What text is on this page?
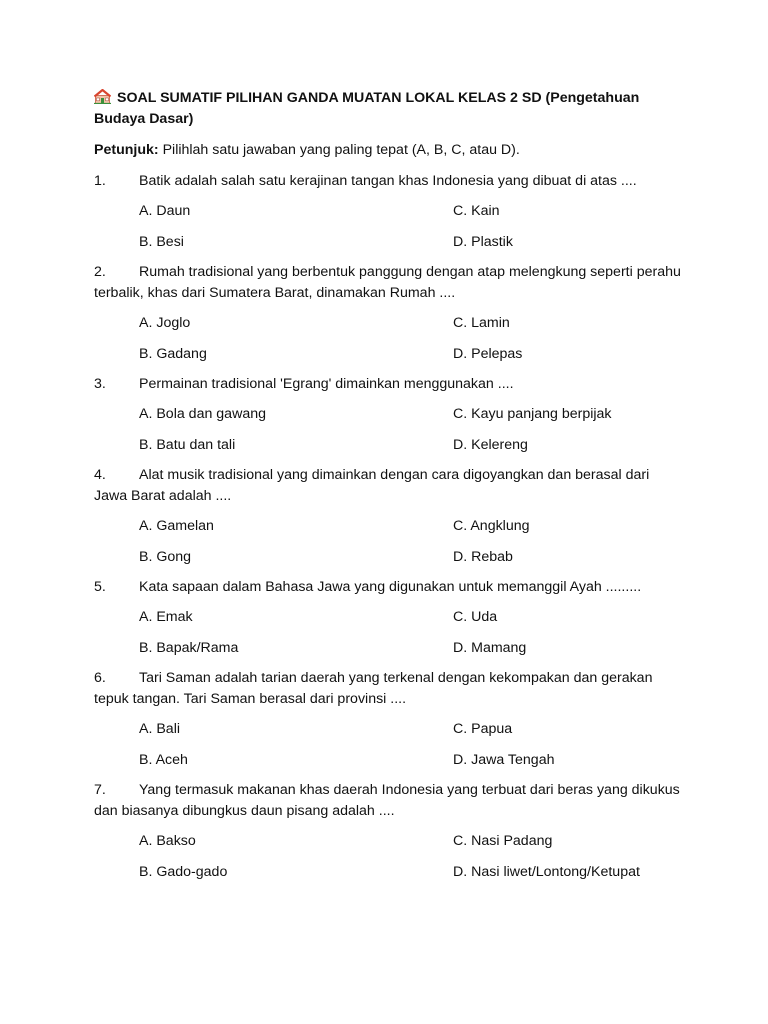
SOAL SUMATIF PILIHAN GANDA MUATAN LOKAL KELAS 2 SD (Pengetahuan Budaya Dasar)
Petunjuk: Pilihlah satu jawaban yang paling tepat (A, B, C, atau D).
1. Batik adalah salah satu kerajinan tangan khas Indonesia yang dibuat di atas ....
A. Daun	C. Kain
B. Besi	D. Plastik
2. Rumah tradisional yang berbentuk panggung dengan atap melengkung seperti perahu terbalik, khas dari Sumatera Barat, dinamakan Rumah ....
A. Joglo	C. Lamin
B. Gadang	D. Pelepas
3. Permainan tradisional 'Egrang' dimainkan menggunakan ....
A. Bola dan gawang	C. Kayu panjang berpijak
B. Batu dan tali	D. Kelereng
4. Alat musik tradisional yang dimainkan dengan cara digoyangkan dan berasal dari Jawa Barat adalah ....
A. Gamelan	C. Angklung
B. Gong	D. Rebab
5. Kata sapaan dalam Bahasa Jawa yang digunakan untuk memanggil Ayah .........
A. Emak	C. Uda
B. Bapak/Rama	D. Mamang
6. Tari Saman adalah tarian daerah yang terkenal dengan kekompakan dan gerakan tepuk tangan. Tari Saman berasal dari provinsi ....
A. Bali	C. Papua
B. Aceh	D. Jawa Tengah
7. Yang termasuk makanan khas daerah Indonesia yang terbuat dari beras yang dikukus dan biasanya dibungkus daun pisang adalah ....
A. Bakso	C. Nasi Padang
B. Gado-gado	D. Nasi liwet/Lontong/Ketupat
